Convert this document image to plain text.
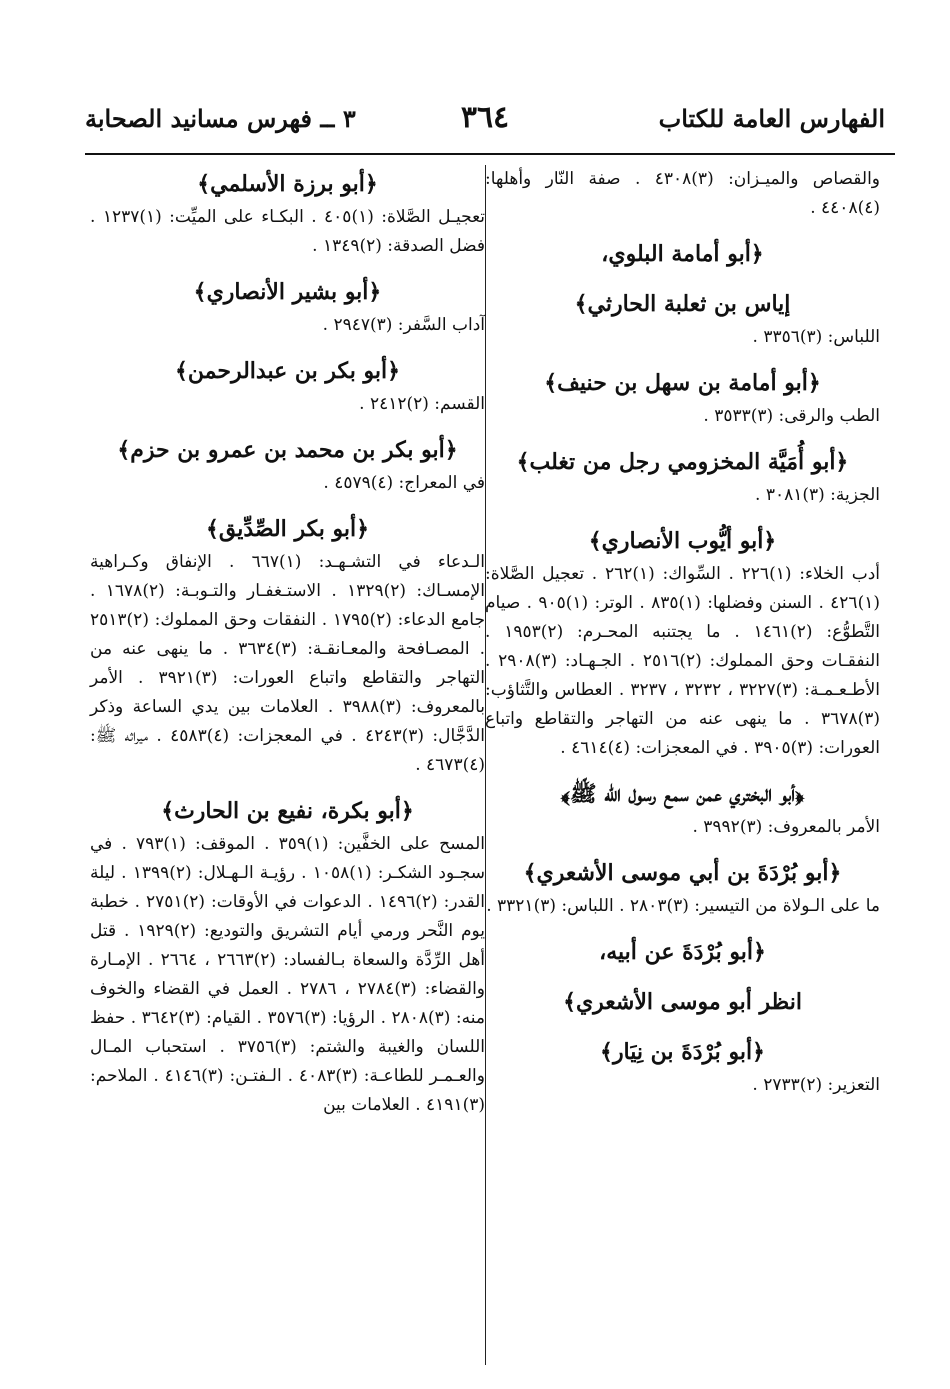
الفهارس العامة للكتاب
٣٦٤
٣ ــ فهرس مسانيد الصحابة
والقصاص والميـزان: (٣)٤٣٠٨ . صفة النّار وأهلها: (٤)٤٤٠٨ .
﴿أبو أمامة البلوي،
إياس بن ثعلبة الحارثي﴾
اللباس: (٣)٣٣٥٦ .
﴿أبو أمامة بن سهل بن حنيف﴾
الطب والرقى: (٣)٣٥٣٣ .
﴿أبو أُمَيَّة المخزومي رجل من تغلب﴾
الجزية: (٣)٣٠٨١ .
﴿أبو أيُّوب الأنصاري﴾
أدب الخلاء: (١)٢٢٦ . السِّواك: (١)٢٦٢ . تعجيل الصَّلاة: (١)٤٢٦ . السنن وفضلها: (١)٨٣٥ . الوتر: (١)٩٠٥ . صيام التَّطوُّع: (٢)١٤٦١ . ما يجتنبه المحـرم: (٢)١٩٥٣ . النفقـات وحق المملوك: (٢)٢٥١٦ . الجـهـاد: (٣)٢٩٠٨ . الأطـعـمـة: (٣)٣٢٢٧ ، ٣٢٣٢ ، ٣٢٣٧ . العطاس والتَّثاؤب: (٣)٣٦٧٨ . ما ينهى عنه من التهاجر والتقاطع واتباع العورات: (٣)٣٩٠٥ . في المعجزات: (٤)٤٦١٤ .
﴿أبو البختري عمن سمع رسول الله ﷺ﴾
الأمر بالمعروف: (٣)٣٩٩٢ .
﴿أبو بُرْدَةَ بن أبي موسى الأشعري﴾
ما على الـولاة من التيسير: (٣)٢٨٠٣ . اللباس: (٣)٣٣٢١ .
﴿أبو بُرْدَةَ عن أبيه،
انظر أبو موسى الأشعري﴾
﴿أبو بُرْدَةَ بن نِيَار﴾
التعزير: (٢)٢٧٣٣ .
﴿أبو برزة الأسلمي﴾
تعجيـل الصَّلاة: (١)٤٠٥ . البكـاء على الميِّت: (١)١٢٣٧ . فضل الصدقة: (٢)١٣٤٩ .
﴿أبو بشير الأنصاري﴾
آداب السَّفر: (٣)٢٩٤٧ .
﴿أبو بكر بن عبدالرحمن﴾
القسم: (٢)٢٤١٢ .
﴿أبو بكر بن محمد بن عمرو بن حزم﴾
في المعراج: (٤)٤٥٧٩ .
﴿أبو بكر الصِّدِّيق﴾
الـدعاء في التشـهـد: (١)٦٦٧ . الإنفاق وكـراهية الإمسـاك: (٢)١٣٢٩ . الاستـغفـار والتـوبـة: (٢)١٦٧٨ . جامع الدعاء: (٢)١٧٩٥ . النفقات وحق المملوك: (٢)٢٥١٣ . المصـافحة والمعـانقـة: (٣)٣٦٣٤ . ما ينهى عنه من التهاجر والتقاطع واتباع العورات: (٣)٣٩٢١ . الأمر بالمعروف: (٣)٣٩٨٨ . العلامات بين يدي الساعة وذكر الدَّجَّال: (٣)٤٢٤٣ . في المعجزات: (٤)٤٥٨٣ . ميراثه ﷺ: (٤)٤٦٧٣ .
﴿أبو بكرة، نفيع بن الحارث﴾
المسح على الخفَّين: (١)٣٥٩ . الموقف: (١)٧٩٣ . في سجـود الشكـر: (١)١٠٥٨ . رؤيـة الـهـلال: (٢)١٣٩٩ . ليلة القدر: (٢)١٤٩٦ . الدعوات في الأوقات: (٢)٢٧٥١ . خطبة يوم النَّحر ورمي أيام التشريق والتوديع: (٢)١٩٢٩ . قتل أهل الرِّدَّة والسعاة بـالفساد: (٢)٢٦٦٣ ، ٢٦٦٤ . الإمـارة والقضاء: (٣)٢٧٨٤ ، ٢٧٨٦ . العمل في القضاء والخوف منه: (٣)٢٨٠٨ . الرؤيا: (٣)٣٥٧٦ . القيام: (٣)٣٦٤٢ . حفظ اللسان والغيبة والشتم: (٣)٣٧٥٦ . استحباب المـال والعـمـر للطاعـة: (٣)٤٠٨٣ . الـفتـن: (٣)٤١٤٦ . الملاحم: (٣)٤١٩١ . العلامات بين
